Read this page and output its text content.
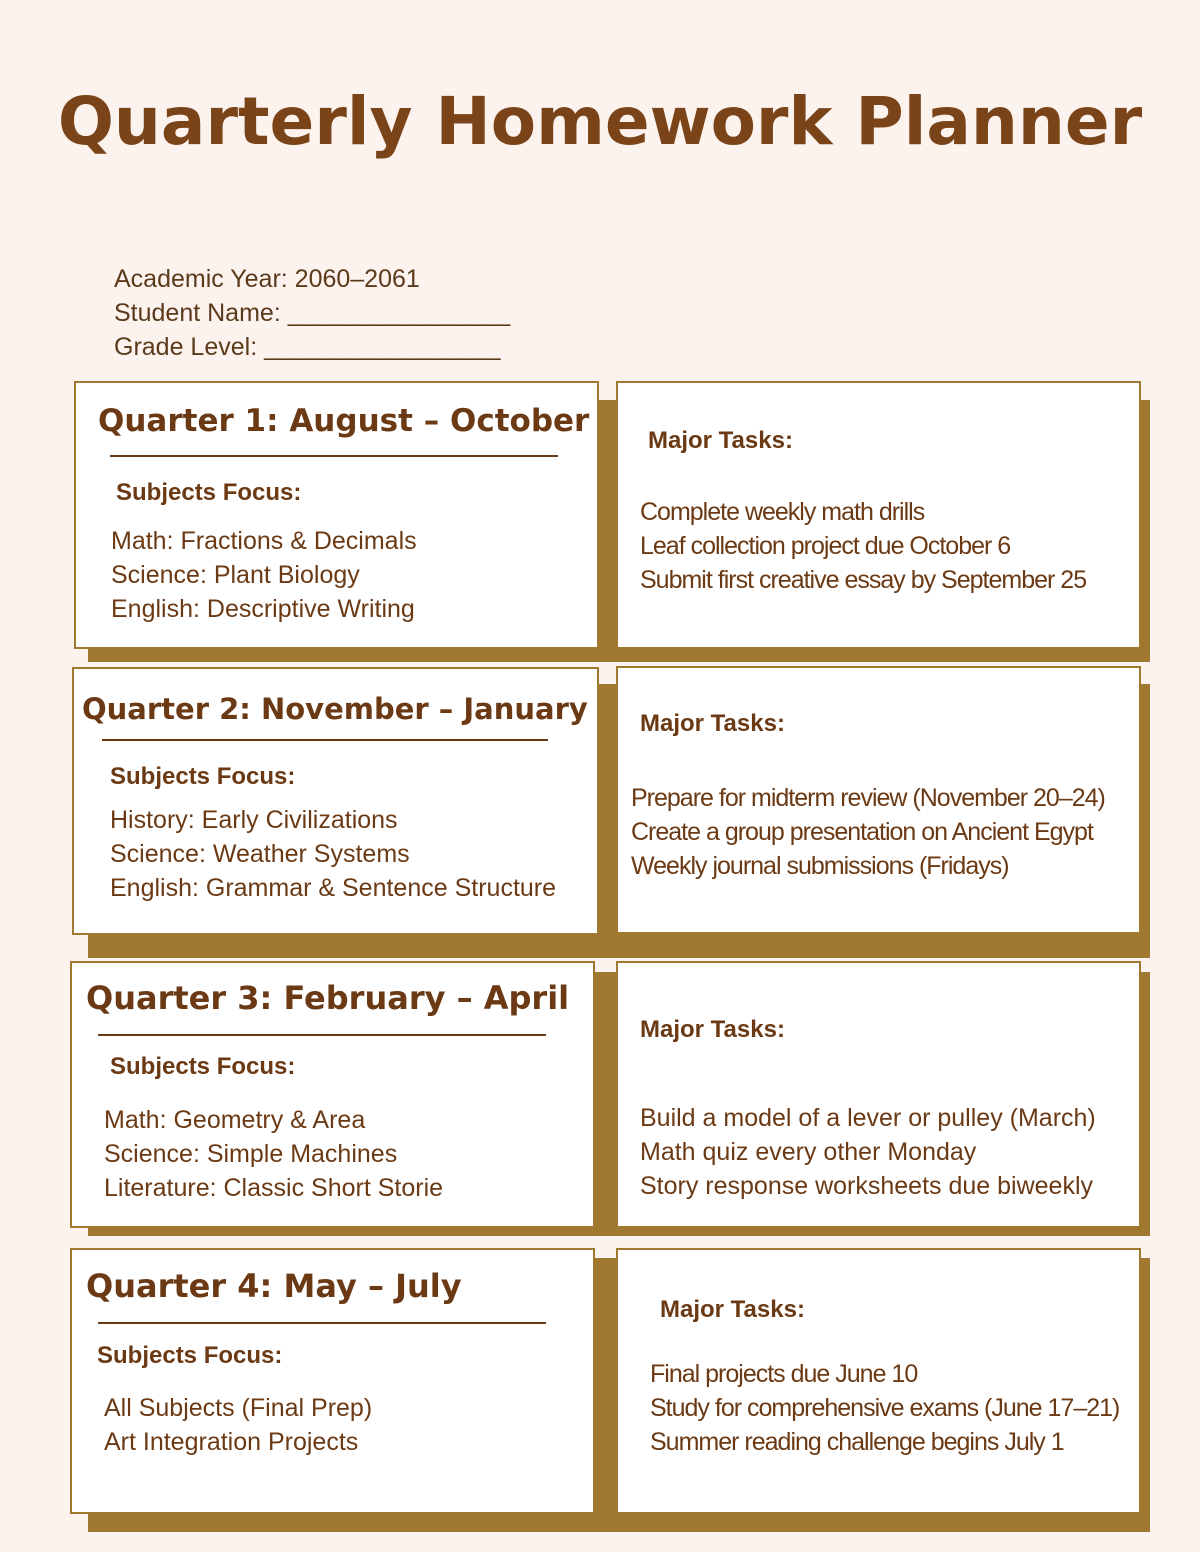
Quarterly Homework Planner
Academic Year: 2060–2061
Student Name: ________________
Grade Level: _________________
Quarter 1: August – October
Subjects Focus:
Math: Fractions & Decimals
Science: Plant Biology
English: Descriptive Writing
Major Tasks:
Complete weekly math drills
Leaf collection project due October 6
Submit first creative essay by September 25
Quarter 2: November – January
Subjects Focus:
History: Early Civilizations
Science: Weather Systems
English: Grammar & Sentence Structure
Major Tasks:
Prepare for midterm review (November 20–24)
Create a group presentation on Ancient Egypt
Weekly journal submissions (Fridays)
Quarter 3: February – April
Subjects Focus:
Math: Geometry & Area
Science: Simple Machines
Literature: Classic Short Storie
Major Tasks:
Build a model of a lever or pulley (March)
Math quiz every other Monday
Story response worksheets due biweekly
Quarter 4: May – July
Subjects Focus:
All Subjects (Final Prep)
Art Integration Projects
Major Tasks:
Final projects due June 10
Study for comprehensive exams (June 17–21)
Summer reading challenge begins July 1
